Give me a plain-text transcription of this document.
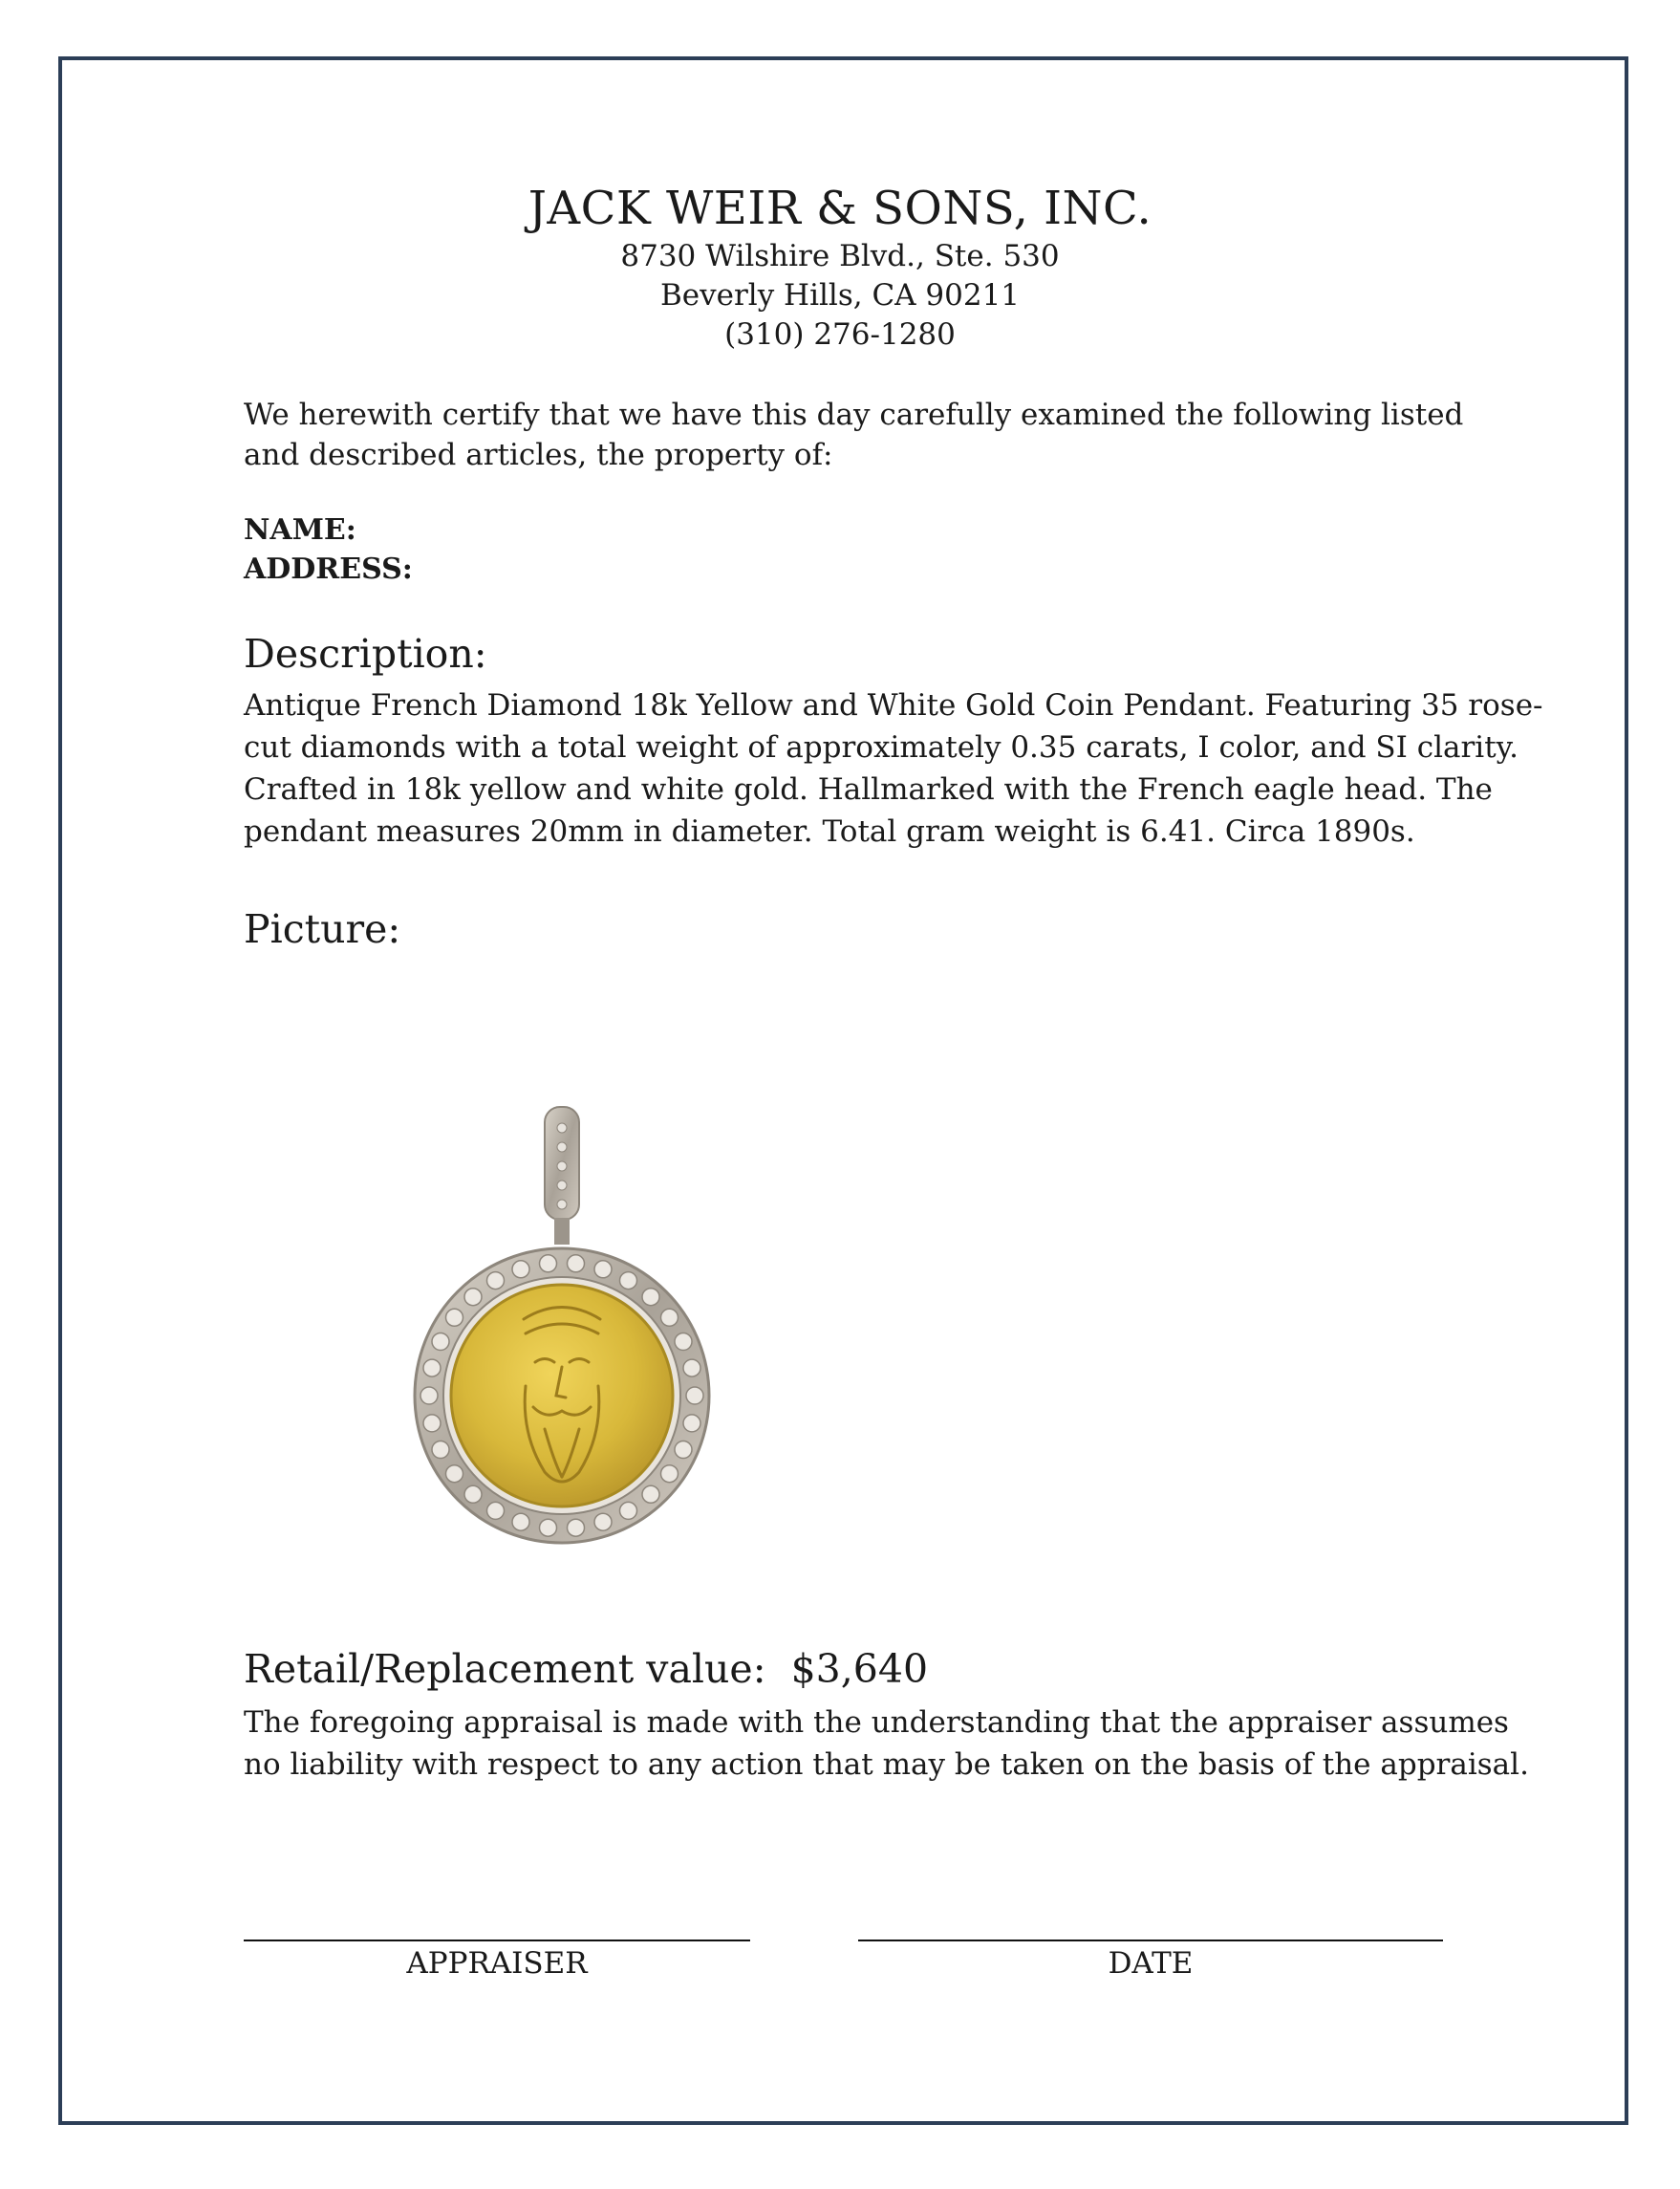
JACK WEIR & SONS, INC.
8730 Wilshire Blvd., Ste. 530
Beverly Hills, CA 90211
(310) 276-1280
We herewith certify that we have this day carefully examined the following listed and described articles, the property of:
NAME:
ADDRESS:
Description:
Antique French Diamond 18k Yellow and White Gold Coin Pendant. Featuring 35 rose-
cut diamonds with a total weight of approximately 0.35 carats, I color, and SI clarity.
Crafted in 18k yellow and white gold. Hallmarked with the French eagle head. The
pendant measures 20mm in diameter. Total gram weight is 6.41. Circa 1890s.
Picture:
Retail/Replacement value: $3,640
The foregoing appraisal is made with the understanding that the appraiser assumes
no liability with respect to any action that may be taken on the basis of the appraisal.
APPRAISER	DATE
